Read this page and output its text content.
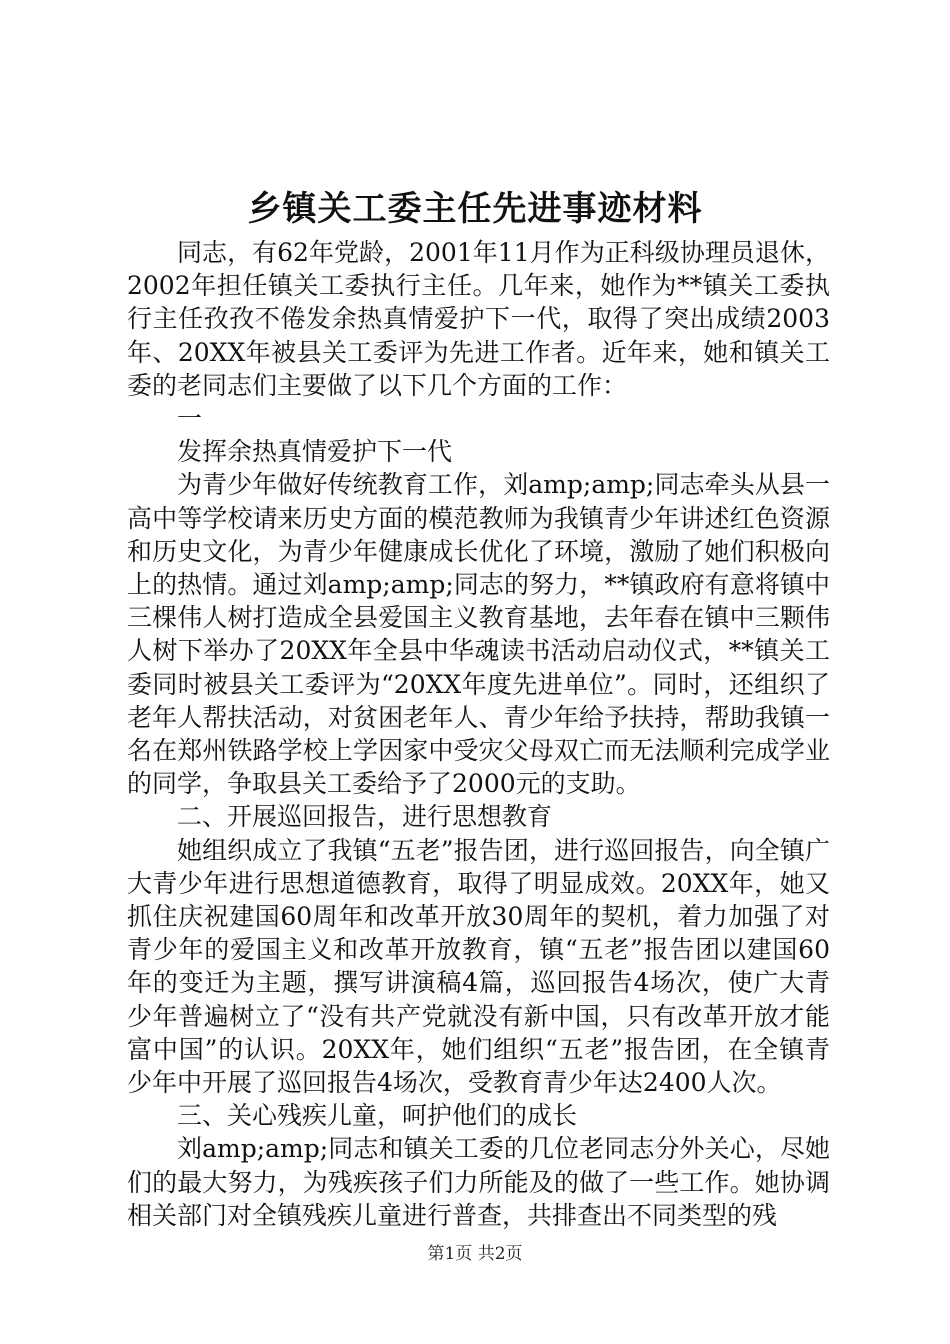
乡镇关工委主任先进事迹材料

同志，有62年党龄，2001年11月作为正科级协理员退休，2002年担任镇关工委执行主任。几年来，她作为**镇关工委执行主任孜孜不倦发余热真情爱护下一代，取得了突出成绩2003年、20XX年被县关工委评为先进工作者。近年来，她和镇关工委的老同志们主要做了以下几个方面的工作：

一

发挥余热真情爱护下一代

为青少年做好传统教育工作，刘amp;amp;同志牵头从县一高中等学校请来历史方面的模范教师为我镇青少年讲述红色资源和历史文化，为青少年健康成长优化了环境，激励了她们积极向上的热情。通过刘amp;amp;同志的努力，**镇政府有意将镇中三棵伟人树打造成全县爱国主义教育基地，去年春在镇中三颗伟人树下举办了20XX年全县中华魂读书活动启动仪式，**镇关工委同时被县关工委评为“20XX年度先进单位”。同时，还组织了老年人帮扶活动，对贫困老年人、青少年给予扶持，帮助我镇一名在郑州铁路学校上学因家中受灾父母双亡而无法顺利完成学业的同学，争取县关工委给予了2000元的支助。

二、开展巡回报告，进行思想教育

她组织成立了我镇“五老”报告团，进行巡回报告，向全镇广大青少年进行思想道德教育，取得了明显成效。20XX年，她又抓住庆祝建国60周年和改革开放30周年的契机，着力加强了对青少年的爱国主义和改革开放教育，镇“五老”报告团以建国60年的变迁为主题，撰写讲演稿4篇，巡回报告4场次，使广大青少年普遍树立了“没有共产党就没有新中国，只有改革开放才能富中国”的认识。20XX年，她们组织“五老”报告团，在全镇青少年中开展了巡回报告4场次，受教育青少年达2400人次。

三、关心残疾儿童，呵护他们的成长

刘amp;amp;同志和镇关工委的几位老同志分外关心，尽她们的最大努力，为残疾孩子们力所能及的做了一些工作。她协调相关部门对全镇残疾儿童进行普查，共排查出不同类型的残

第1页 共2页
